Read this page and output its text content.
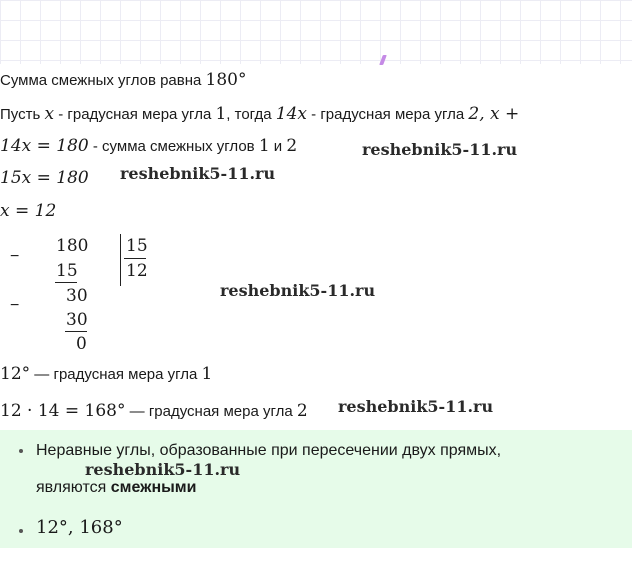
Сумма смежных углов равна 180°
Пусть x - градусная мера угла 1, тогда 14x - градусная мера угла 2, x +
14x = 180 - сумма смежных углов 1 и 2	reshebnik5-11.ru
15x = 180 reshebnik5-11.ru
x = 12
−
180
15
30
−
30
0
15
12
reshebnik5-11.ru
12° — градусная мера угла 1
12 · 14 = 168° — градусная мера угла 2 reshebnik5-11.ru
Неравные углы, образованные при пересечении двух прямых,
reshebnik5-11.ru
являются смежными
12°, 168°
